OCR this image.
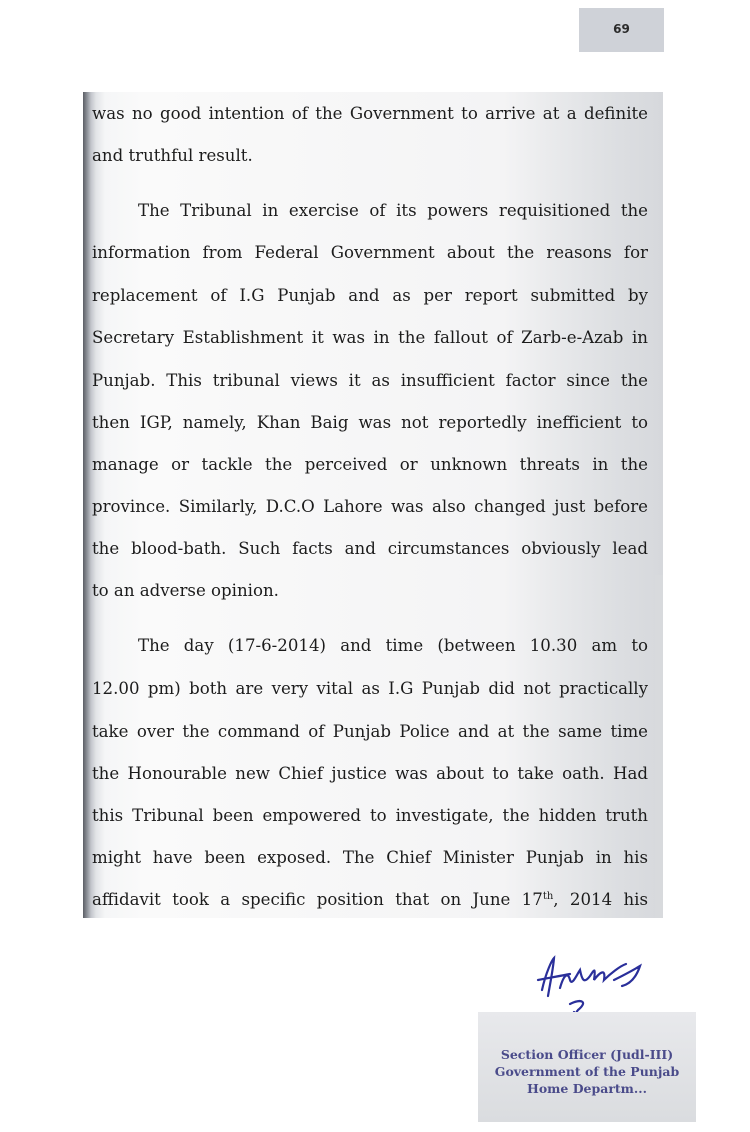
69
was no good intention of the Government to arrive at a definite
and truthful result.
The Tribunal in exercise of its powers requisitioned the
information from Federal Government about the reasons for
replacement of I.G Punjab and as per report submitted by
Secretary Establishment it was in the fallout of Zarb-e-Azab in
Punjab. This tribunal views it as insufficient factor since the
then IGP, namely, Khan Baig was not reportedly inefficient to
manage or tackle the perceived or unknown threats in the
province. Similarly, D.C.O Lahore was also changed just before
the blood-bath. Such facts and circumstances obviously lead
to an adverse opinion.
The day (17-6-2014) and time (between 10.30 am to
12.00 pm) both are very vital as I.G Punjab did not practically
take over the command of Punjab Police and at the same time
the Honourable new Chief justice was about to take oath. Had
this Tribunal been empowered to investigate, the hidden truth
might have been exposed. The Chief Minister Punjab in his
affidavit took a specific position that on June 17th, 2014 his
Section Officer (Judl-III)
Government of the Punjab
Home Departm...
